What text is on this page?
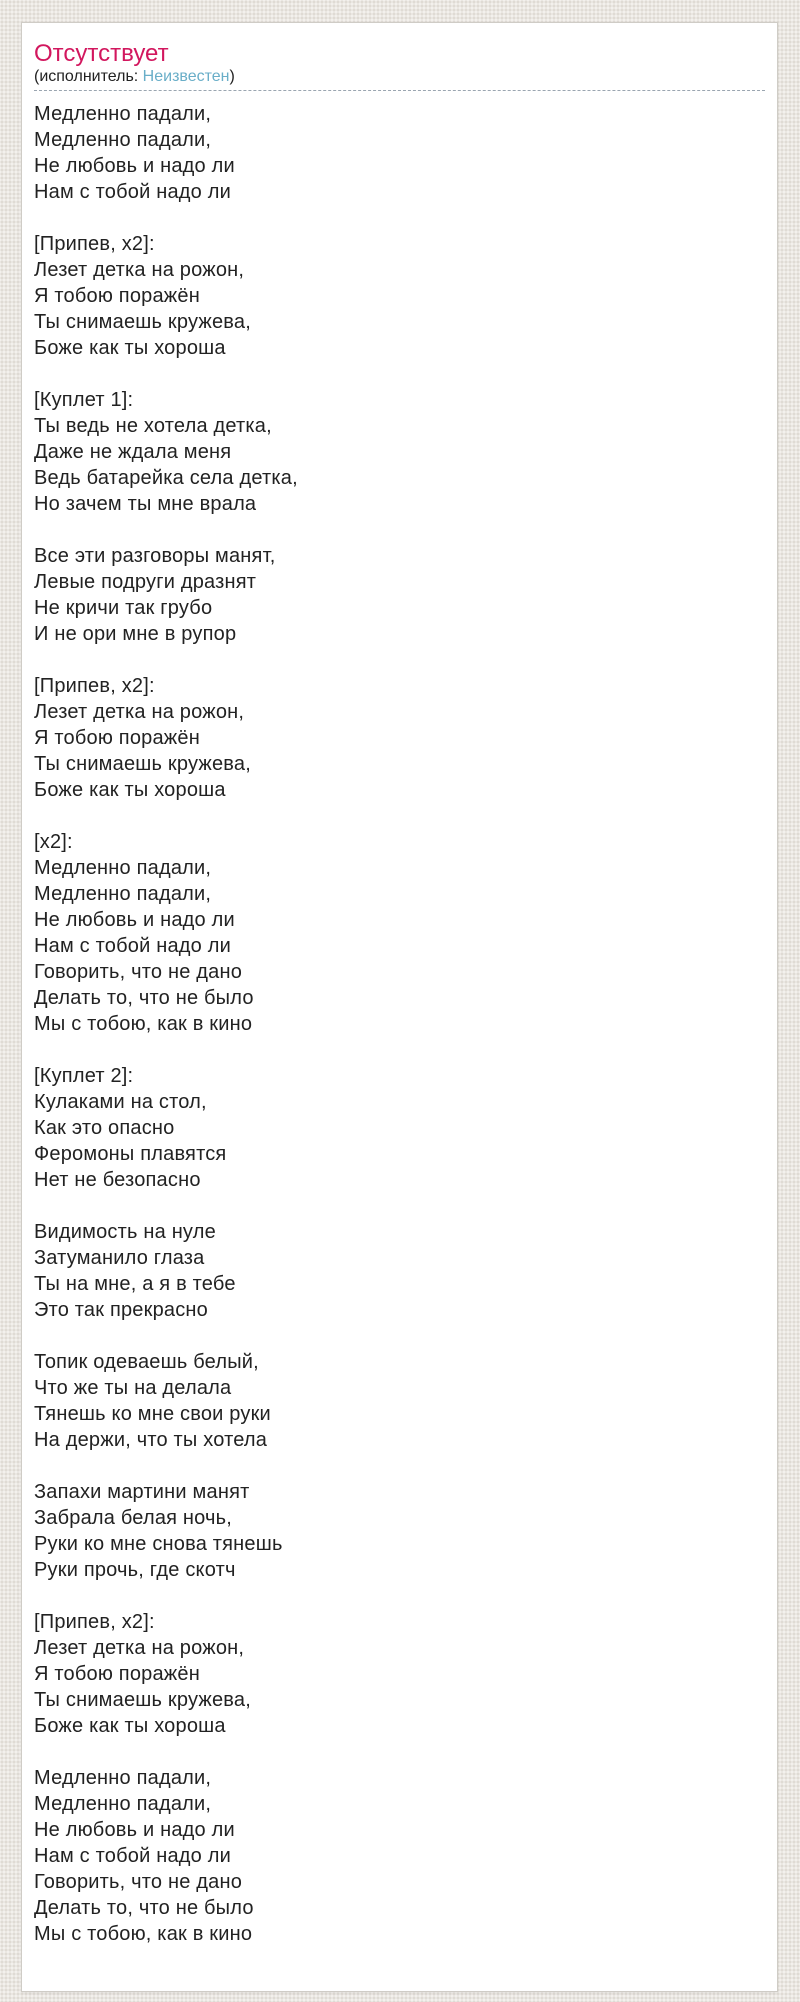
Отсутствует
(исполнитель: Неизвестен)

Медленно падали,
Медленно падали,
Не любовь и надо ли
Нам с тобой надо ли

[Припев, x2]:
Лезет детка на рожон,
Я тобою поражён
Ты снимаешь кружева,
Боже как ты хороша

[Куплет 1]:
Ты ведь не хотела детка,
Даже не ждала меня
Ведь батарейка села детка,
Но зачем ты мне врала

Все эти разговоры манят,
Левые подруги дразнят
Не кричи так грубо
И не ори мне в рупор

[Припев, x2]:
Лезет детка на рожон,
Я тобою поражён
Ты снимаешь кружева,
Боже как ты хороша

[x2]:
Медленно падали,
Медленно падали,
Не любовь и надо ли
Нам с тобой надо ли
Говорить, что не дано
Делать то, что не было
Мы с тобою, как в кино

[Куплет 2]:
Кулаками на стол,
Как это опасно
Феромоны плавятся
Нет не безопасно

Видимость на нуле
Затуманило глаза
Ты на мне, а я в тебе
Это так прекрасно

Топик одеваешь белый,
Что же ты на делала
Тянешь ко мне свои руки
На держи, что ты хотела

Запахи мартини манят
Забрала белая ночь,
Руки ко мне снова тянешь
Руки прочь, где скотч

[Припев, x2]:
Лезет детка на рожон,
Я тобою поражён
Ты снимаешь кружева,
Боже как ты хороша

Медленно падали,
Медленно падали,
Не любовь и надо ли
Нам с тобой надо ли
Говорить, что не дано
Делать то, что не было
Мы с тобою, как в кино
